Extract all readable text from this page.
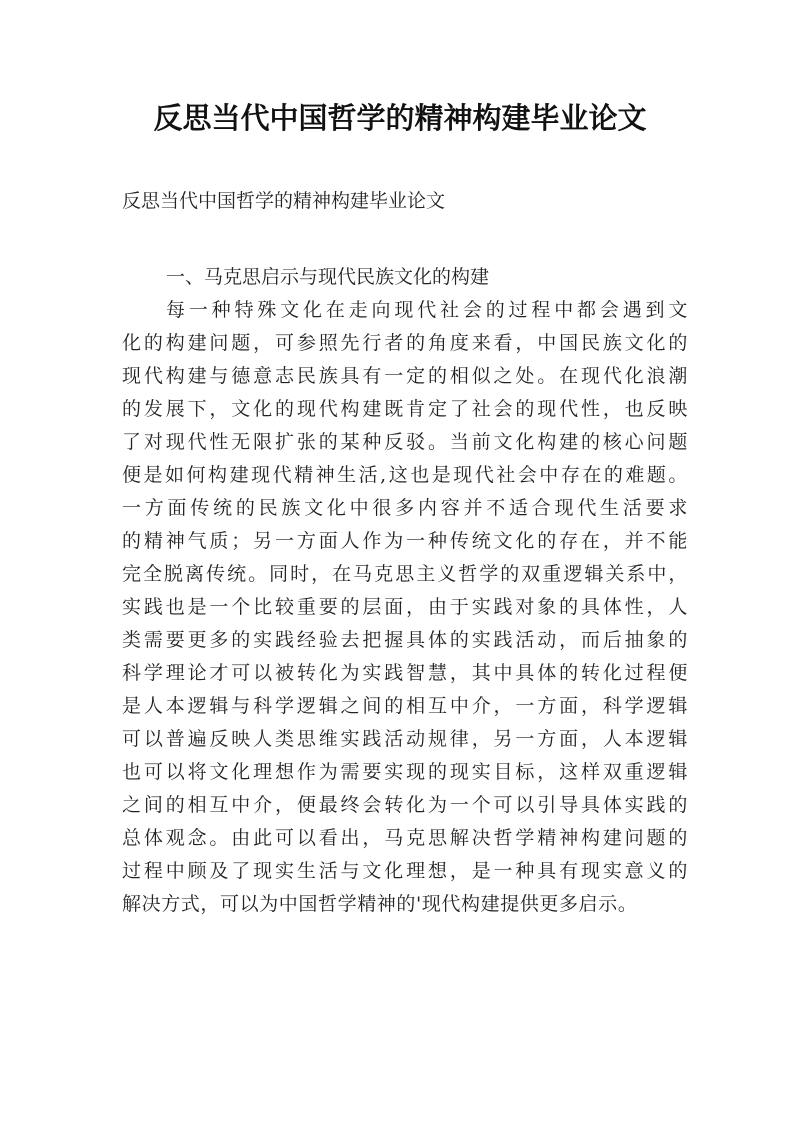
反思当代中国哲学的精神构建毕业论文

反思当代中国哲学的精神构建毕业论文

一、马克思启示与现代民族文化的构建
每一种特殊文化在走向现代社会的过程中都会遇到文
化的构建问题，可参照先行者的角度来看，中国民族文化的
现代构建与德意志民族具有一定的相似之处。在现代化浪潮
的发展下，文化的现代构建既肯定了社会的现代性，也反映
了对现代性无限扩张的某种反驳。当前文化构建的核心问题
便是如何构建现代精神生活,这也是现代社会中存在的难题。
一方面传统的民族文化中很多内容并不适合现代生活要求
的精神气质；另一方面人作为一种传统文化的存在，并不能
完全脱离传统。同时，在马克思主义哲学的双重逻辑关系中，
实践也是一个比较重要的层面，由于实践对象的具体性，人
类需要更多的实践经验去把握具体的实践活动，而后抽象的
科学理论才可以被转化为实践智慧，其中具体的转化过程便
是人本逻辑与科学逻辑之间的相互中介，一方面，科学逻辑
可以普遍反映人类思维实践活动规律，另一方面，人本逻辑
也可以将文化理想作为需要实现的现实目标，这样双重逻辑
之间的相互中介，便最终会转化为一个可以引导具体实践的
总体观念。由此可以看出，马克思解决哲学精神构建问题的
过程中顾及了现实生活与文化理想，是一种具有现实意义的
解决方式，可以为中国哲学精神的'现代构建提供更多启示。
